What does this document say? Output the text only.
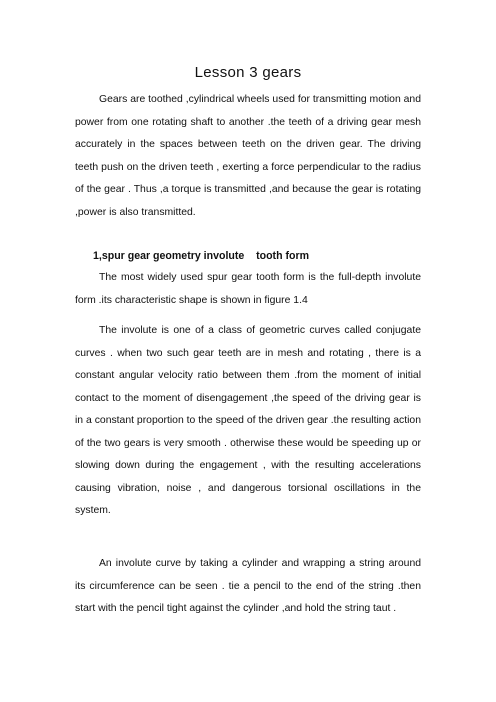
Lesson 3 gears

Gears are toothed ,cylindrical wheels used for transmitting motion and power from one rotating shaft to another .the teeth of a driving gear mesh accurately in the spaces between teeth on the driven gear. The driving teeth push on the driven teeth , exerting a force perpendicular to the radius of the gear . Thus ,a torque is transmitted ,and because the gear is rotating ,power is also transmitted.

1,spur gear geometry involute    tooth form

The most widely used spur gear tooth form is the full-depth involute form .its characteristic shape is shown in figure 1.4

The involute is one of a class of geometric curves called conjugate curves . when two such gear teeth are in mesh and rotating , there is a constant angular velocity ratio between them .from the moment of initial contact to the moment of disengagement ,the speed of the driving gear is in a constant proportion to the speed of the driven gear .the resulting action of the two gears is very smooth . otherwise these would be speeding up or slowing down during the engagement , with the resulting accelerations causing vibration, noise , and dangerous torsional oscillations in the system.

An involute curve by taking a cylinder and wrapping a string around its circumference can be seen . tie a pencil to the end of the string .then start with the pencil tight against the cylinder ,and hold the string taut .
